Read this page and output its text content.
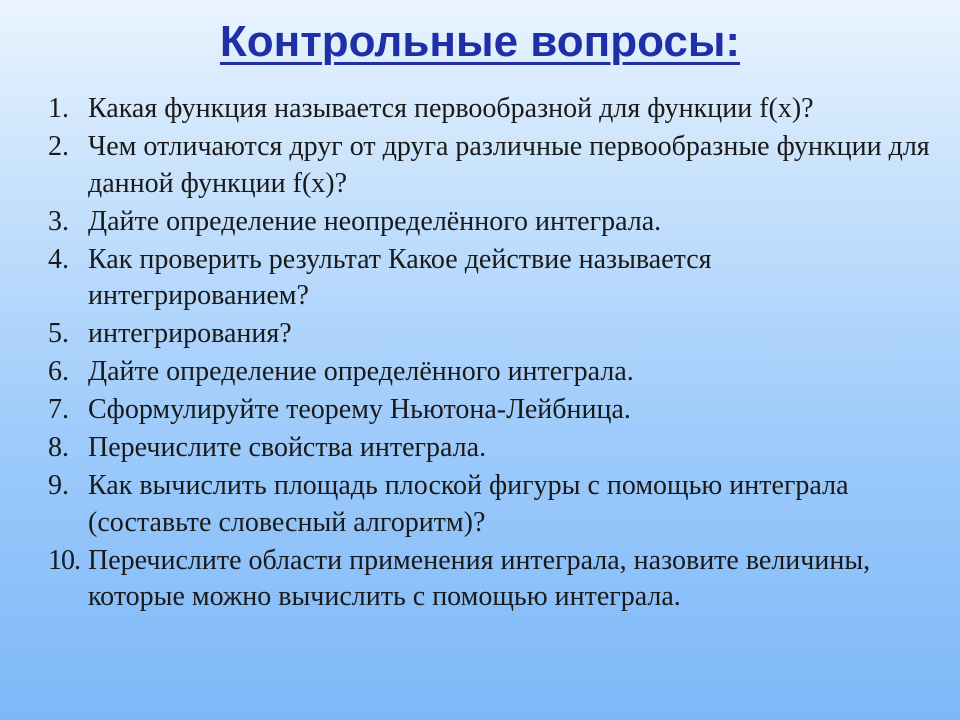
Контрольные вопросы:
1. Какая функция называется первообразной для функции f(x)?
2. Чем отличаются друг от друга различные первообразные функции для данной функции f(x)?
3. Дайте определение неопределённого интеграла.
4. Как проверить результат Какое действие называется интегрированием?
5. интегрирования?
6. Дайте определение определённого интеграла.
7. Сформулируйте теорему Ньютона-Лейбница.
8. Перечислите свойства интеграла.
9. Как вычислить площадь плоской фигуры с помощью интеграла (составьте словесный алгоритм)?
10. Перечислите области применения интеграла, назовите величины, которые можно вычислить с помощью интеграла.
